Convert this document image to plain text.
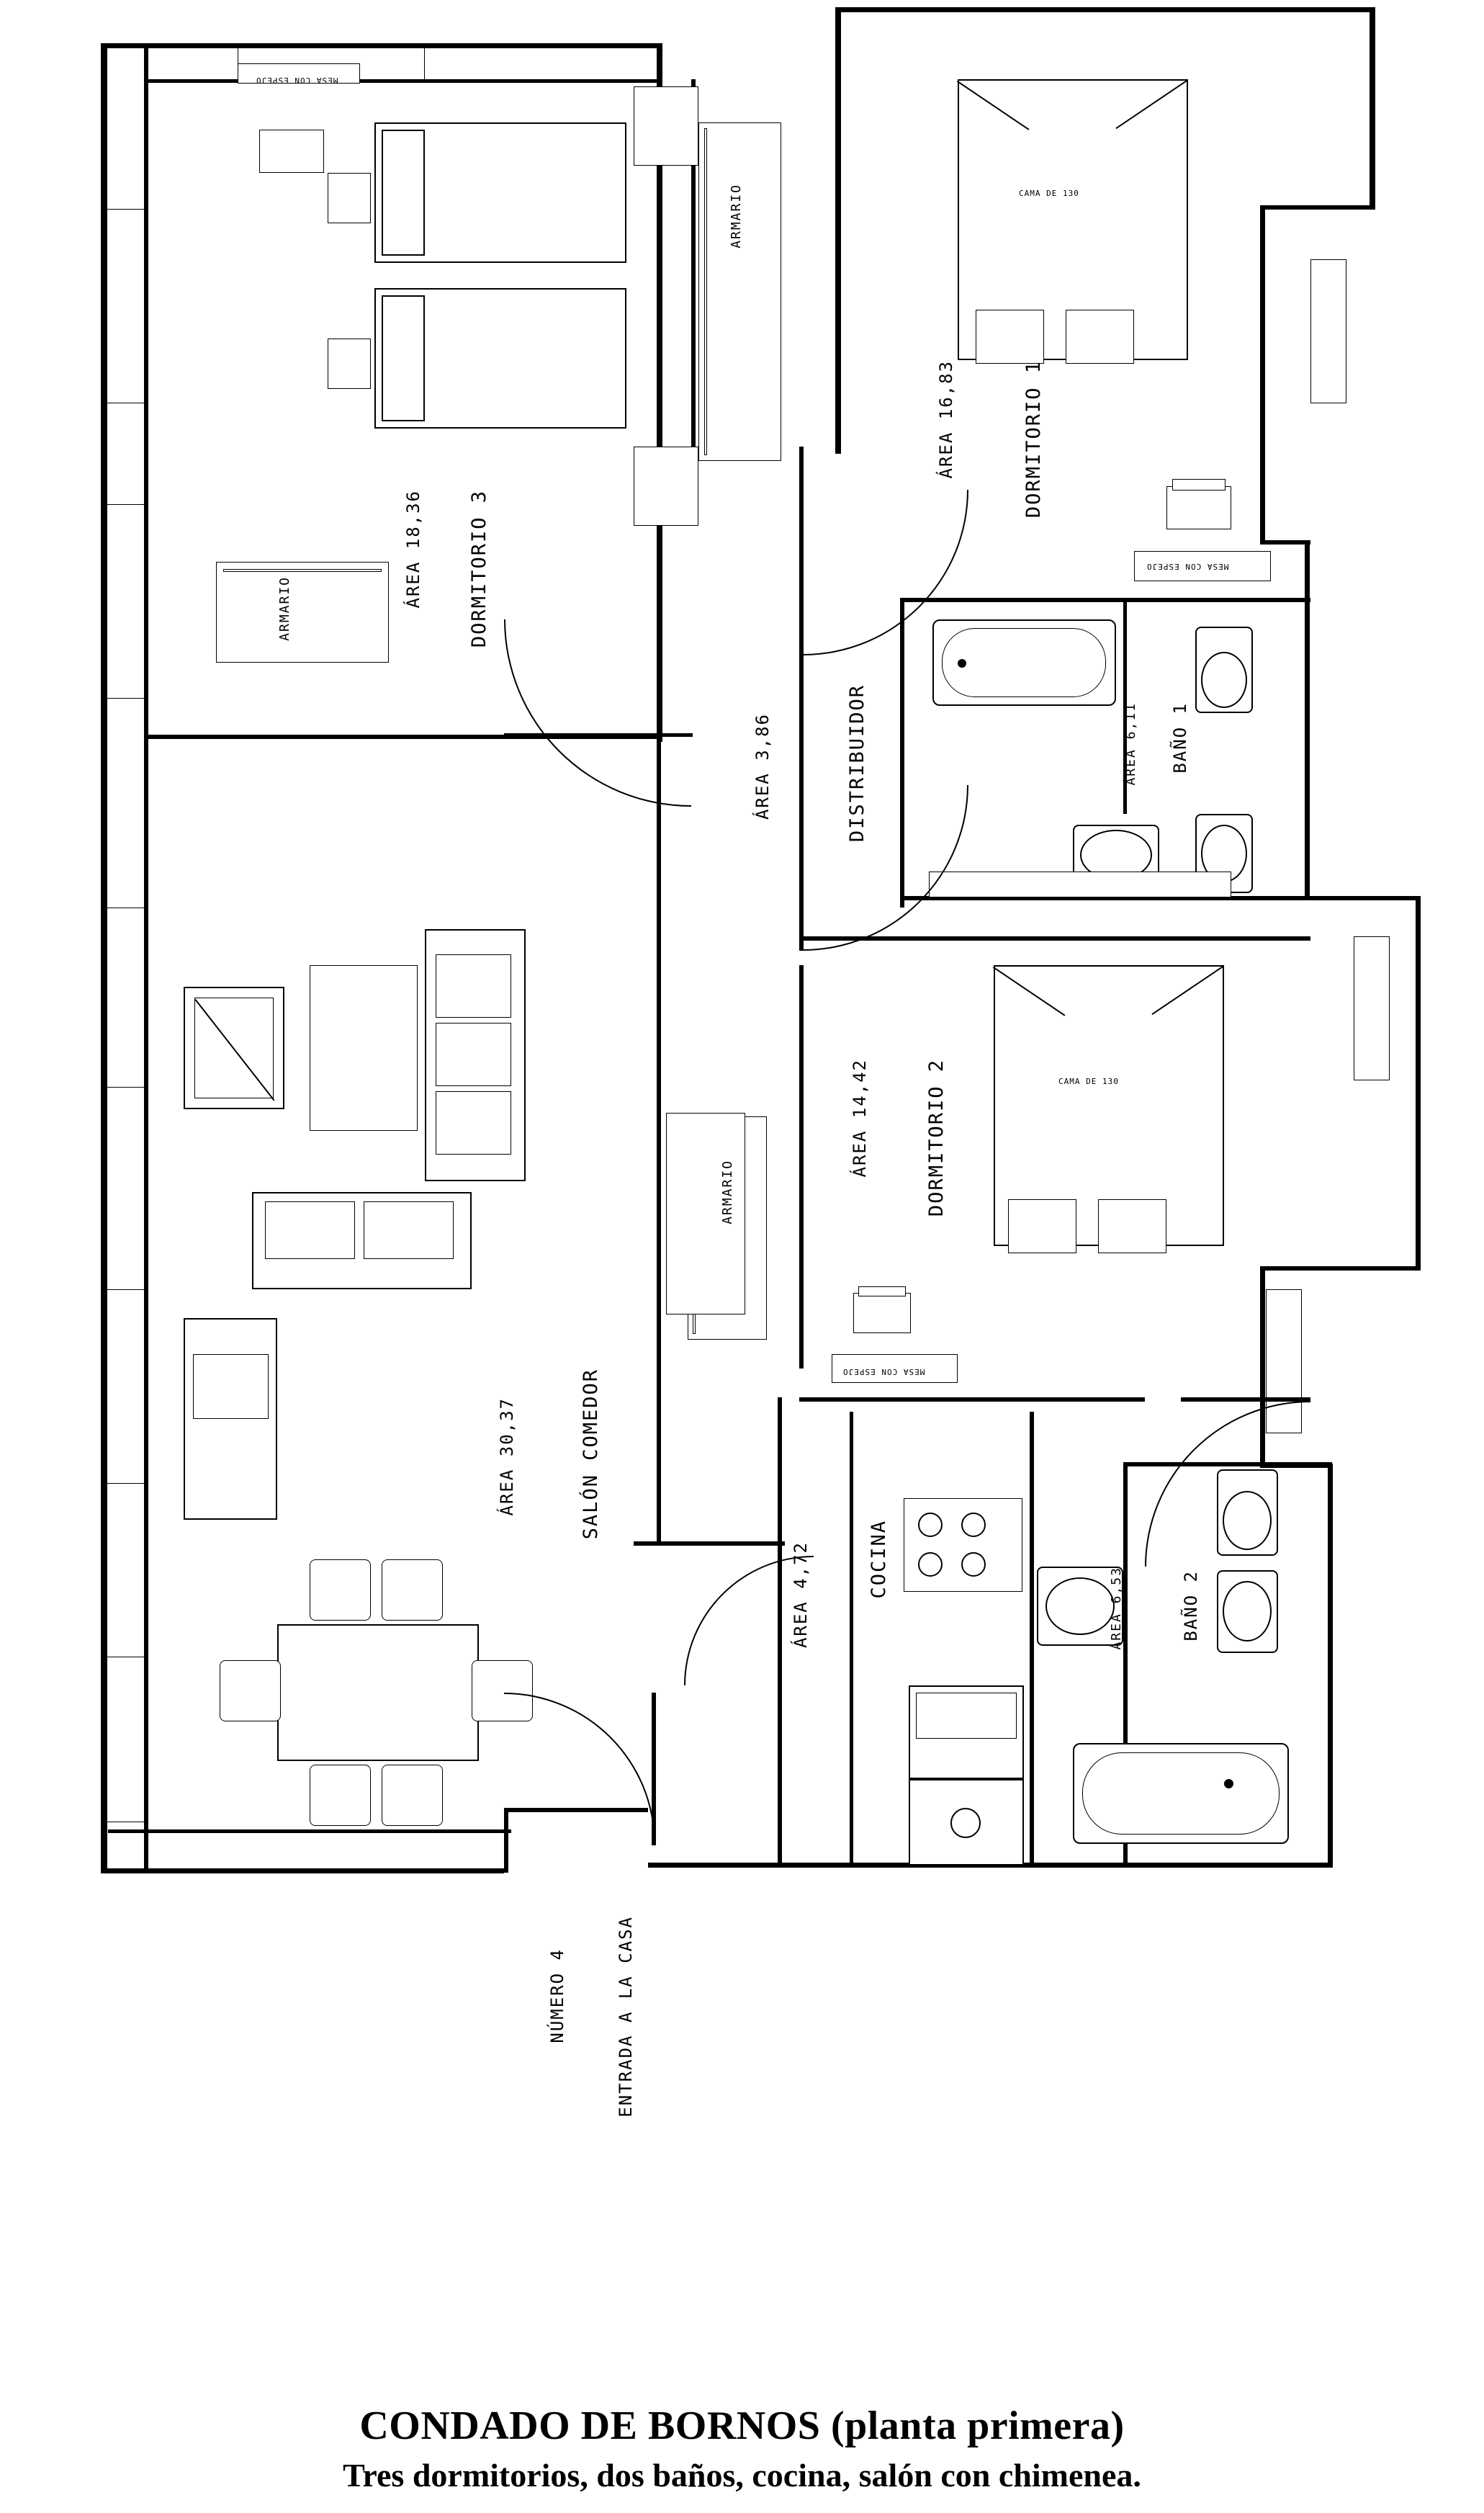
DORMITORIO 3
ÁREA 18,36
ARMARIO
MESA CON ESPEJO
ARMARIO
DORMITORIO 1
ÁREA 16,83
CAMA DE 130
MESA CON ESPEJO
DISTRIBUIDOR
ÁREA 3,86	BAÑO 1
ÁREA 6,11
DORMITORIO 2
ÁREA 14,42	CAMA DE 130
MESA CON ESPEJO
ARMARIO
SALÓN COMEDOR
ÁREA 30,37
COCINA
ÁREA 4,72	BAÑO 2
ÁREA 6,53
ENTRADA A LA CASA
NÚMERO 4
CONDADO DE BORNOS (planta primera)
Tres dormitorios, dos baños, cocina, salón con chimenea.
